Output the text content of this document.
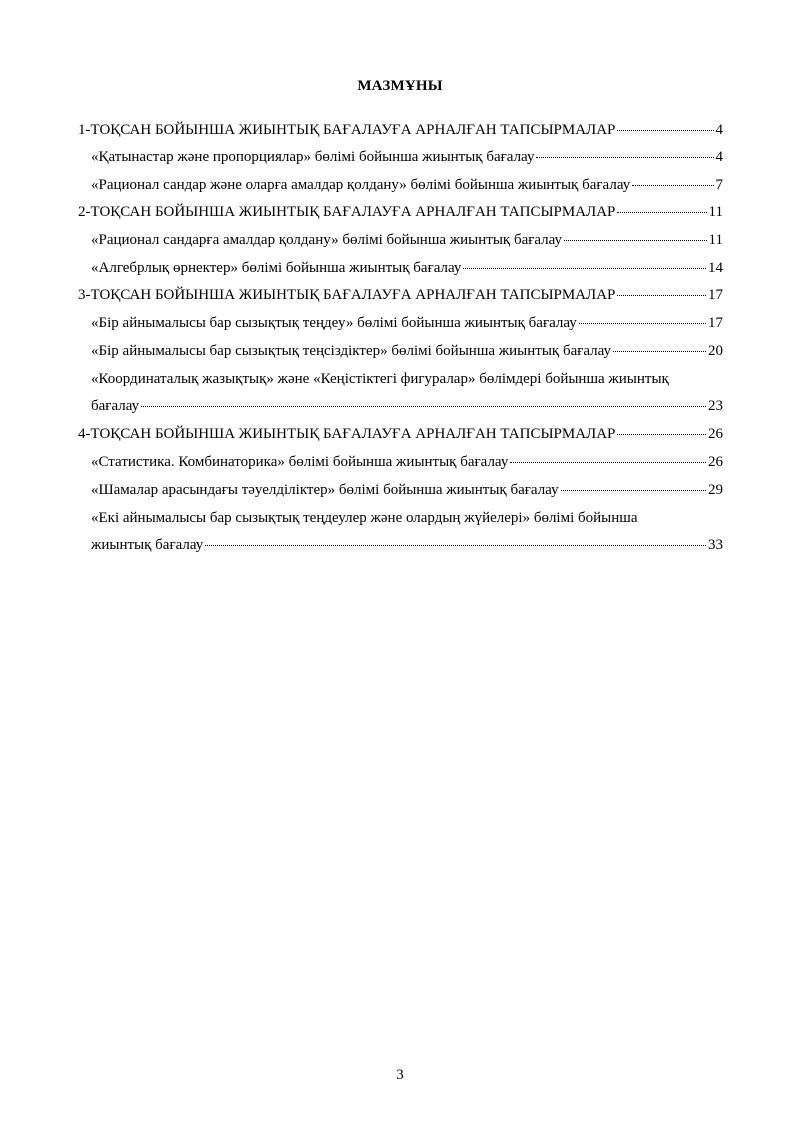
МАЗМҰНЫ
1-ТОҚСАН БОЙЫНША ЖИЫНТЫҚ БАҒАЛАУҒА АРНАЛҒАН ТАПСЫРМАЛАР	4
«Қатынастар және пропорциялар» бөлімі бойынша жиынтық бағалау	4
«Рационал сандар және оларға амалдар қолдану» бөлімі бойынша жиынтық бағалау	7
2-ТОҚСАН БОЙЫНША ЖИЫНТЫҚ БАҒАЛАУҒА АРНАЛҒАН ТАПСЫРМАЛАР	11
«Рационал сандарға амалдар қолдану» бөлімі бойынша жиынтық бағалау	11
«Алгебрлық өрнектер» бөлімі бойынша жиынтық бағалау	14
3-ТОҚСАН БОЙЫНША ЖИЫНТЫҚ БАҒАЛАУҒА АРНАЛҒАН ТАПСЫРМАЛАР	17
«Бір айнымалысы бар сызықтық теңдеу» бөлімі бойынша жиынтық бағалау	17
«Бір айнымалысы бар сызықтық теңсіздіктер» бөлімі бойынша жиынтық бағалау	20
«Координаталық жазықтық» және «Кеңістіктегі фигуралар» бөлімдері бойынша жиынтық
бағалау	23
4-ТОҚСАН БОЙЫНША ЖИЫНТЫҚ БАҒАЛАУҒА АРНАЛҒАН ТАПСЫРМАЛАР	26
«Статистика. Комбинаторика» бөлімі бойынша жиынтық бағалау	26
«Шамалар арасындағы тәуелділіктер» бөлімі бойынша жиынтық бағалау	29
«Екі айнымалысы бар сызықтық теңдеулер және олардың жүйелері» бөлімі бойынша
жиынтық бағалау	33
3
